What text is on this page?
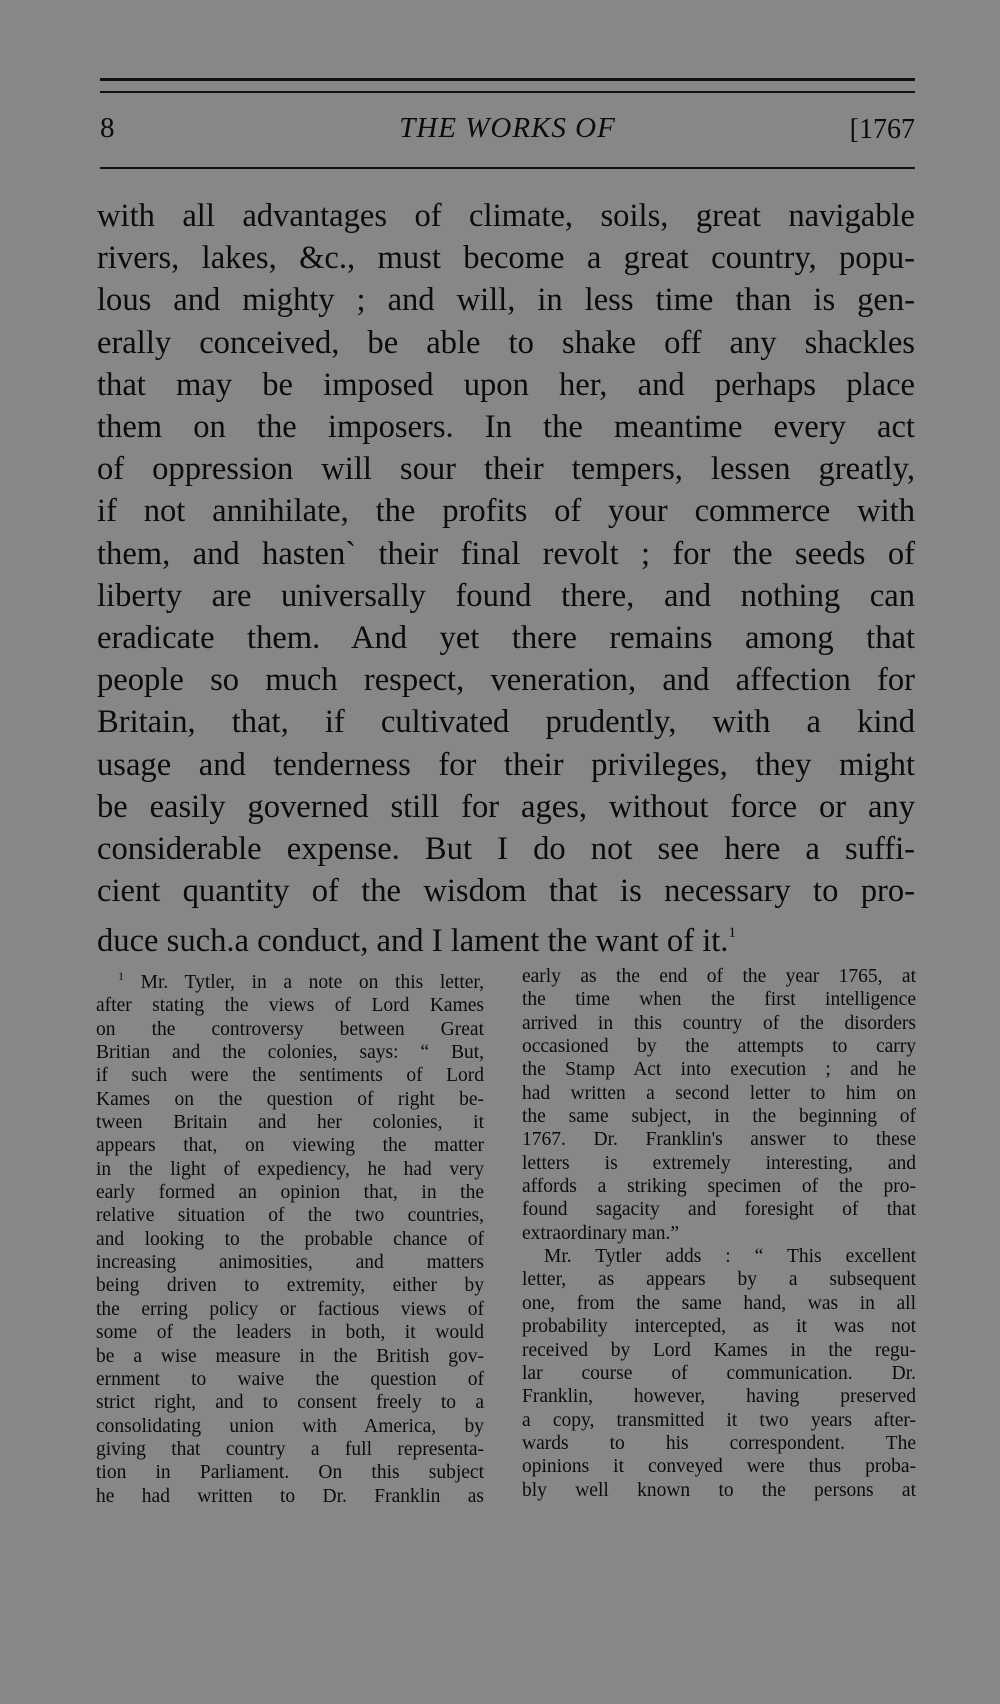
8	THE WORKS OF	[1767
with all advantages of climate, soils, great navigable
rivers, lakes, &c., must become a great country, popu-
lous and mighty ; and will, in less time than is gen-
erally conceived, be able to shake off any shackles
that may be imposed upon her, and perhaps place
them on the imposers. In the meantime every act
of oppression will sour their tempers, lessen greatly,
if not annihilate, the profits of your commerce with
them, and hasten` their final revolt ; for the seeds of
liberty are universally found there, and nothing can
eradicate them. And yet there remains among that
people so much respect, veneration, and affection for
Britain, that, if cultivated prudently, with a kind
usage and tenderness for their privileges, they might
be easily governed still for ages, without force or any
considerable expense. But I do not see here a suffi-
cient quantity of the wisdom that is necessary to pro-
duce such.a conduct, and I lament the want of it.$^1$
$^1$ Mr. Tytler, in a note on this letter,
after stating the views of Lord Kames
on the controversy between Great
Britian and the colonies, says: “ But,
if such were the sentiments of Lord
Kames on the question of right be-
tween Britain and her colonies, it
appears that, on viewing the matter
in the light of expediency, he had very
early formed an opinion that, in the
relative situation of the two countries,
and looking to the probable chance of
increasing animosities, and matters
being driven to extremity, either by
the erring policy or factious views of
some of the leaders in both, it would
be a wise measure in the British gov-
ernment to waive the question of
strict right, and to consent freely to a
consolidating union with America, by
giving that country a full representa-
tion in Parliament. On this subject
he had written to Dr. Franklin as
early as the end of the year 1765, at
the time when the first intelligence
arrived in this country of the disorders
occasioned by the attempts to carry
the Stamp Act into execution ; and he
had written a second letter to him on
the same subject, in the beginning of
1767. Dr. Franklin's answer to these
letters is extremely interesting, and
affords a striking specimen of the pro-
found sagacity and foresight of that
extraordinary man.”
Mr. Tytler adds : “ This excellent
letter, as appears by a subsequent
one, from the same hand, was in all
probability intercepted, as it was not
received by Lord Kames in the regu-
lar course of communication. Dr.
Franklin, however, having preserved
a copy, transmitted it two years after-
wards to his correspondent. The
opinions it conveyed were thus proba-
bly well known to the persons at
